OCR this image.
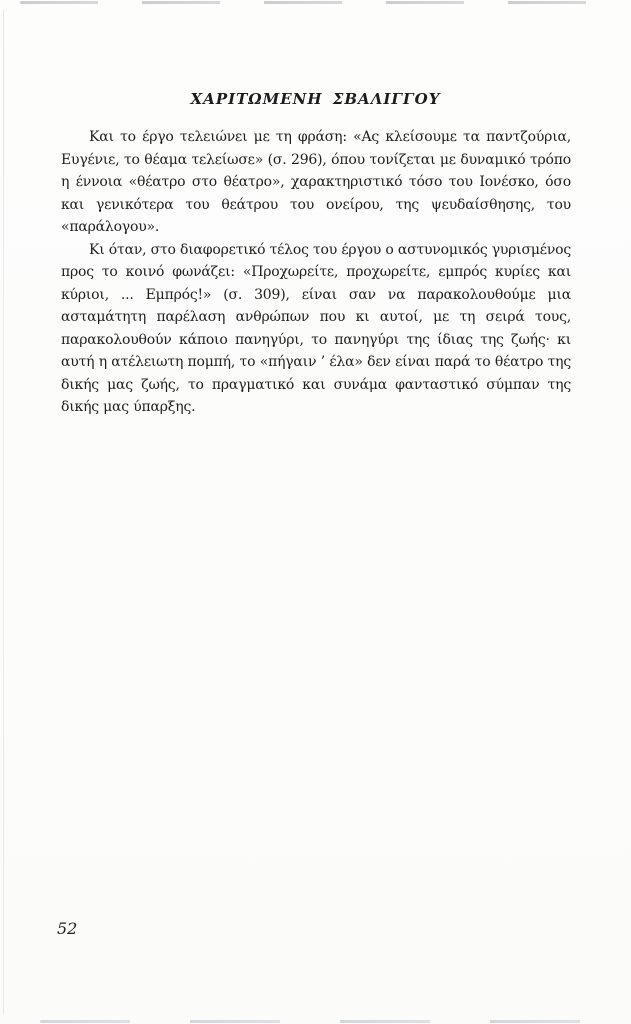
ΧΑΡΙΤΩΜΕΝΗ ΣΒΑΛΙΓΓΟΥ

Και το έργο τελειώνει με τη φράση: «Ας κλείσουμε τα παντζούρια, Ευγένιε, το θέαμα τελείωσε» (σ. 296), όπου τονίζεται με δυναμικό τρόπο η έννοια «θέατρο στο θέατρο», χαρακτηριστικό τόσο του Ιονέσκο, όσο και γενικότερα του θεάτρου του ονείρου, της ψευδαίσθησης, του «παράλογου».

Κι όταν, στο διαφορετικό τέλος του έργου ο αστυνομικός γυρισμένος προς το κοινό φωνάζει: «Προχωρείτε, προχωρείτε, εμπρός κυρίες και κύριοι, ... Εμπρός!» (σ. 309), είναι σαν να παρακολουθούμε μια ασταμάτητη παρέλαση ανθρώπων που κι αυτοί, με τη σειρά τους, παρακολουθούν κάποιο πανηγύρι, το πανηγύρι της ίδιας της ζωής· κι αυτή η ατέλειωτη πομπή, το «πήγαιν ’ έλα» δεν είναι παρά το θέατρο της δικής μας ζωής, το πραγματικό και συνάμα φανταστικό σύμπαν της δικής μας ύπαρξης.

52
